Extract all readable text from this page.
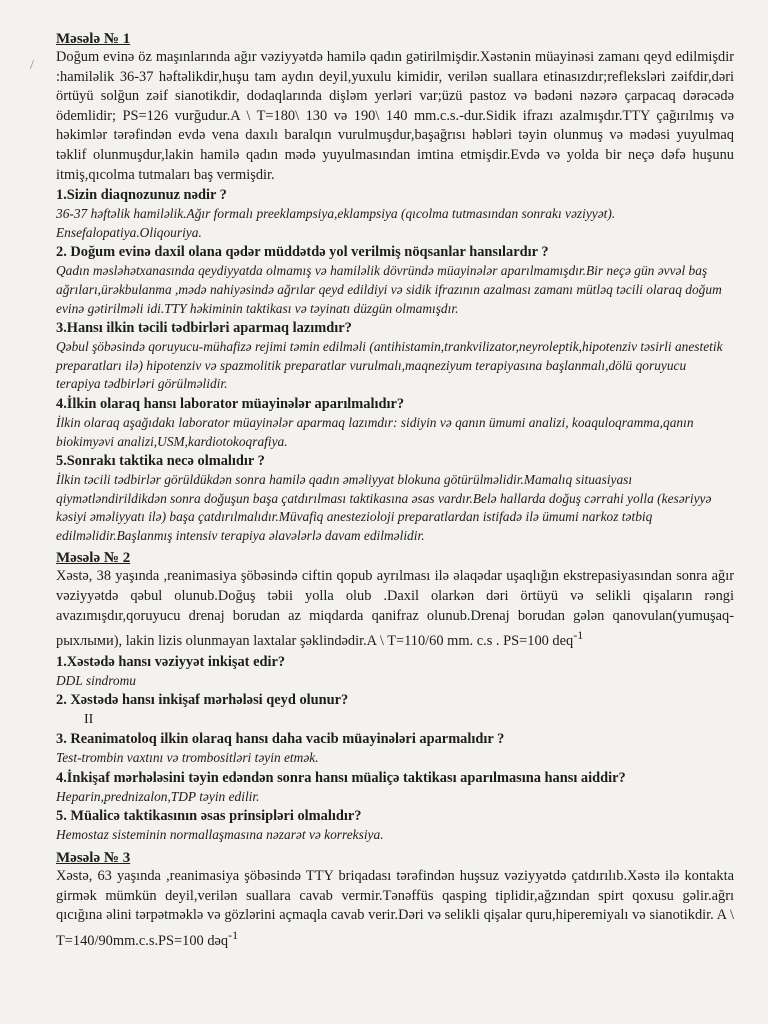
/

Məsələ № 1

Doğum evinə öz maşınlarında ağır vəziyyətdə hamilə qadın gətirilmişdir.Xəstənin müayinəsi zamanı qeyd edilmişdir :hamiləlik 36-37 həftəlikdir,huşu tam aydın deyil,yuxulu kimidir, verilən suallara etinasızdır;refleksləri zəifdir,dəri örtüyü solğun zəif sianotikdir, dodaqlarında dişləm yerləri var;üzü pastoz və bədəni nəzərə çarpacaq dərəcədə ödemlidir; PS=126 vurğudur.A \ T=180\ 130 və 190\ 140 mm.c.s.-dur.Sidik ifrazı azalmışdır.TTY çağırılmış və həkimlər tərəfindən evdə vena daxılı baralqın vurulmuşdur,başağrısı həbləri təyin olunmuş və mədəsi yuyulmaq təklif olunmuşdur,lakin hamilə qadın mədə yuyulmasından imtina etmişdir.Evdə və yolda bir neçə dəfə huşunu itmiş,qıcolma tutmaları baş vermişdir.

1.Sizin diaqnozunuz nədir ?

36-37 həftəlik hamiləlik.Ağır formalı preeklampsiya,eklampsiya (qıcolma tutmasından sonrakı vəziyyət). Ensefalopatiya.Oliqouriya.

2. Doğum evinə daxil olana qədər müddətdə yol verilmiş nöqsanlar hansılardır ?

Qadın məsləhətxanasında qeydiyyatda olmamış və hamiləlik dövründə müayinələr aparılmamışdır.Bir neçə gün əvvəl baş ağrıları,ürəkbulanma ,mədə nahiyəsində ağrılar qeyd edildiyi və sidik ifrazının azalması zamanı mütləq təcili olaraq doğum evinə gətirilməli idi.TTY həkiminin taktikası və təyinatı düzgün olmamışdır.

3.Hansı ilkin təcili tədbirləri aparmaq lazımdır?

Qəbul şöbəsində qoruyucu-mühafizə rejimi təmin edilməli (antihistamin,trankvilizator,neyroleptik,hipotenziv təsirli anestetik preparatları ilə) hipotenziv və spazmolitik preparatlar vurulmalı,maqneziyum terapiyasına başlanmalı,dölü qoruyucu terapiya tədbirləri görülməlidir.

4.İlkin olaraq hansı laborator müayinələr aparılmalıdır?

İlkin olaraq aşağıdakı laborator müayinələr aparmaq lazımdır: sidiyin və qanın ümumi analizi, koaquloqramma,qanın biokimyəvi analizi,USM,kardiotokoqrafiya.

5.Sonrakı taktika necə olmalıdır ?

İlkin təcili tədbirlər görüldükdən sonra hamilə qadın əməliyyat blokuna götürülməlidir.Mamalıq situasiyası qiymətləndirildikdən sonra doğuşun başa çatdırılması taktikasına əsas vardır.Belə hallarda doğuş cərrahi yolla (kesəriyyə kəsiyi əməliyyatı ilə) başa çatdırılmalıdır.Müvafiq anestezioloji preparatlardan istifadə ilə ümumi narkoz tətbiq edilməlidir.Başlanmış intensiv terapiya əlavələrlə davam edilməlidir.

Məsələ № 2

Xəstə, 38 yaşında ,reanimasiya şöbəsində ciftin qopub ayrılması ilə əlaqədar uşaqlığın ekstrepasiyasından sonra ağır vəziyyətdə qəbul olunub.Doğuş təbii yolla olub .Daxil olarkən dəri örtüyü və selikli qişaların rəngi avazımışdır,qoruyucu drenaj borudan az miqdarda qanifraz olunub.Drenaj borudan gələn qanovulan(yumuşaq- рыхлыми), lakin lizis olunmayan laxtalar şəklindədir.A \ T=110/60 mm. c.s . PS=100 deq$^{-1}$

1.Xəstədə hansı vəziyyət inkişat edir?

DDL sindromu

2. Xəstədə hansı inkişaf mərhələsi qeyd olunur?

II

3. Reanimatoloq ilkin olaraq hansı daha vacib müayinələri aparmalıdır ?

Test-trombin vaxtını və trombositləri təyin etmək.

4.İnkişaf mərhələsini təyin edəndən sonra hansı müaliçə taktikası aparılmasına hansı aiddir?

Heparin,prednizalon,TDP təyin edilir.

5. Müalicə taktikasının əsas prinsipləri olmalıdır?

Hemostaz sisteminin normallaşmasına nəzarət və korreksiya.

Məsələ № 3

Xəstə, 63 yaşında ,reanimasiya şöbəsində TTY briqadası tərəfindən huşsuz vəziyyətdə çatdırılıb.Xəstə ilə kontakta girmək mümkün deyil,verilən suallara cavab vermir.Tənəffüs qasping tiplidir,ağzından spirt qoxusu gəlir.ağrı qıcığına əlini tərpətməklə və gözlərini açmaqla cavab verir.Dəri və selikli qişalar quru,hiperemiyalı və sianotikdir. A \ T=140/90mm.c.s.PS=100 dəq$^{-1}$
